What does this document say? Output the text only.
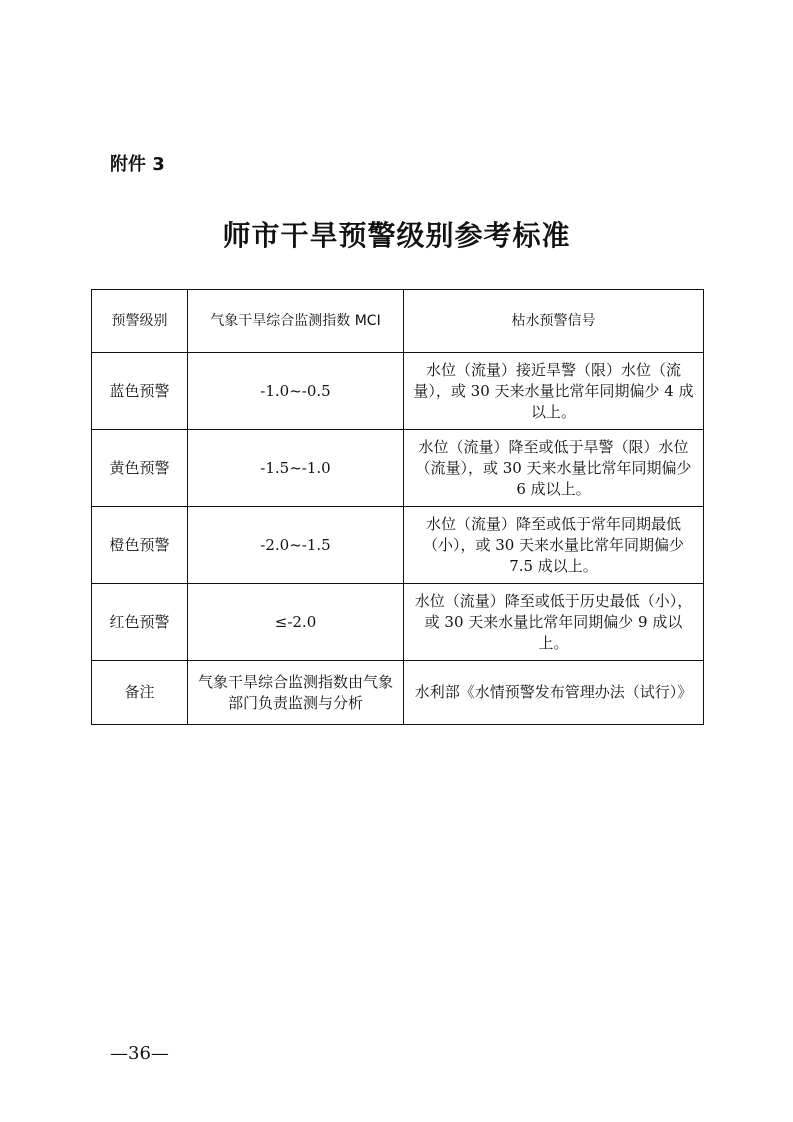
附件 3
师市干旱预警级别参考标准
预警级别	气象干旱综合监测指数 MCI	枯水预警信号
蓝色预警	-1.0~-0.5	水位（流量）接近旱警（限）水位（流量），或 30 天来水量比常年同期偏少 4 成以上。
黄色预警	-1.5~-1.0	水位（流量）降至或低于旱警（限）水位（流量），或 30 天来水量比常年同期偏少 6 成以上。
橙色预警	-2.0~-1.5	水位（流量）降至或低于常年同期最低（小），或 30 天来水量比常年同期偏少 7.5 成以上。
红色预警	≤-2.0	水位（流量）降至或低于历史最低（小），或 30 天来水量比常年同期偏少 9 成以上。
备注	气象干旱综合监测指数由气象部门负责监测与分析	水利部《水情预警发布管理办法（试行）》
—36—
